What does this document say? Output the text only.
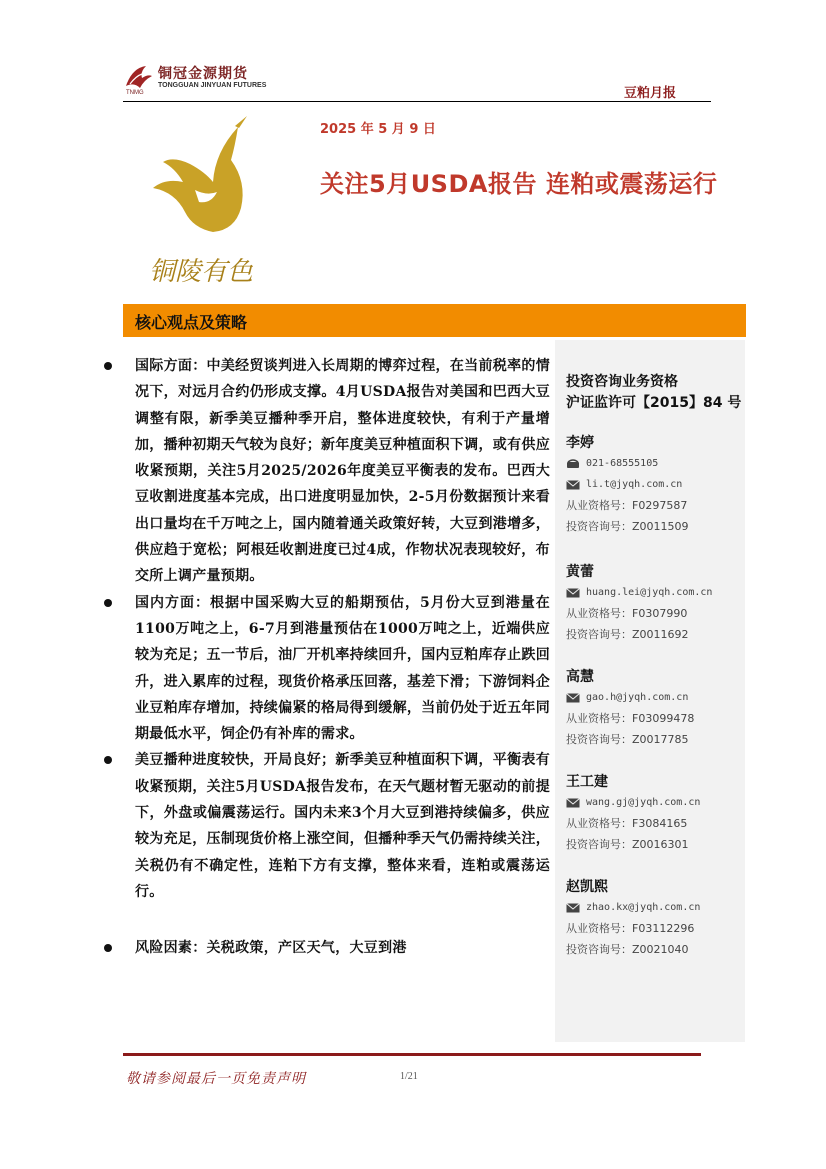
铜冠金源期货
TONGGUAN JINYUAN FUTURES
TNMG	豆粕月报
铜陵有色
2025 年 5 月 9 日
关注5月USDA报告 连粕或震荡运行
核心观点及策略
国际方面：中美经贸谈判进入长周期的博弈过程，在当前税率的情况下，对远月合约仍形成支撑。4月USDA报告对美国和巴西大豆调整有限，新季美豆播种季开启，整体进度较快，有利于产量增加，播种初期天气较为良好；新年度美豆种植面积下调，或有供应收紧预期，关注5月2025/2026年度美豆平衡表的发布。巴西大豆收割进度基本完成，出口进度明显加快，2-5月份数据预计来看出口量均在千万吨之上，国内随着通关政策好转，大豆到港增多，供应趋于宽松；阿根廷收割进度已过4成，作物状况表现较好，布交所上调产量预期。
国内方面：根据中国采购大豆的船期预估，5月份大豆到港量在1100万吨之上，6-7月到港量预估在1000万吨之上，近端供应较为充足；五一节后，油厂开机率持续回升，国内豆粕库存止跌回升，进入累库的过程，现货价格承压回落，基差下滑；下游饲料企业豆粕库存增加，持续偏紧的格局得到缓解，当前仍处于近五年同期最低水平，饲企仍有补库的需求。
美豆播种进度较快，开局良好；新季美豆种植面积下调，平衡表有收紧预期，关注5月USDA报告发布，在天气题材暂无驱动的前提下，外盘或偏震荡运行。国内未来3个月大豆到港持续偏多，供应较为充足，压制现货价格上涨空间，但播种季天气仍需持续关注，关税仍有不确定性，连粕下方有支撑，整体来看，连粕或震荡运行。
风险因素：关税政策，产区天气，大豆到港
投资咨询业务资格
沪证监许可【2015】84 号
李婷
021-68555105
li.t@jyqh.com.cn
从业资格号：F0297587
投资咨询号：Z0011509
黄蕾
huang.lei@jyqh.com.cn
从业资格号：F0307990
投资咨询号：Z0011692
高慧
gao.h@jyqh.com.cn
从业资格号：F03099478
投资咨询号：Z0017785
王工建
wang.gj@jyqh.com.cn
从业资格号：F3084165
投资咨询号：Z0016301
赵凯熙
zhao.kx@jyqh.com.cn
从业资格号：F03112296
投资咨询号：Z0021040
敬请参阅最后一页免责声明	1/21
